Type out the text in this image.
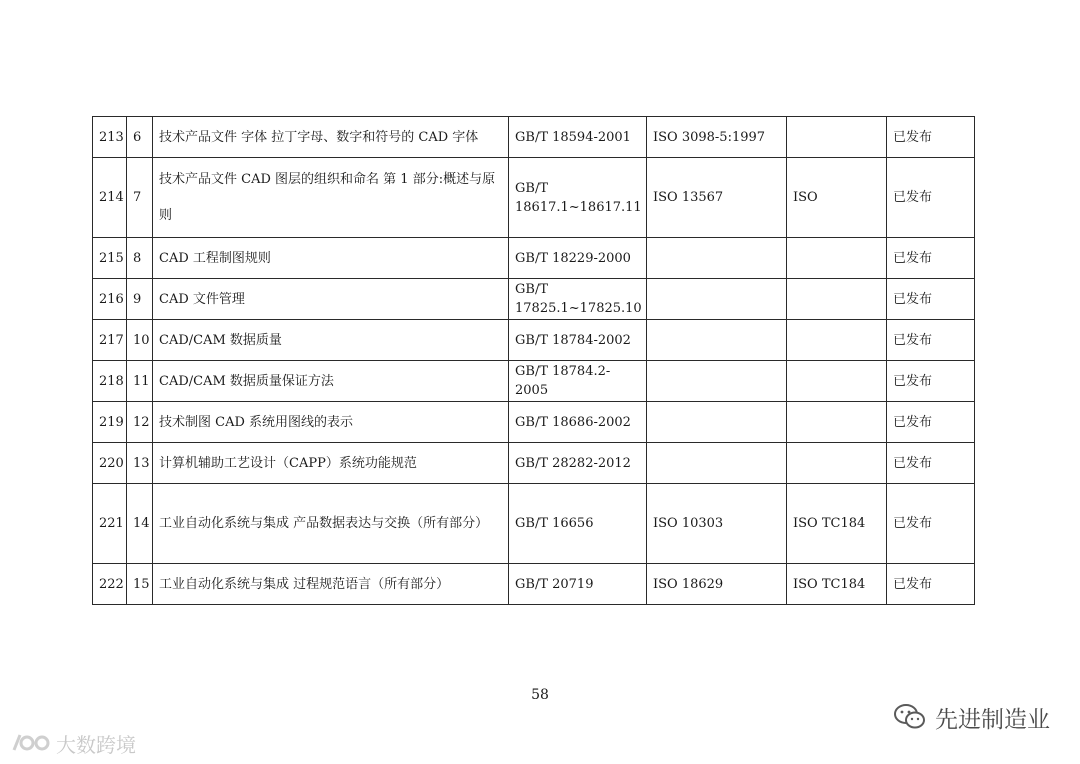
213	6	技术产品文件 字体 拉丁字母、数字和符号的 CAD 字体	GB/T 18594-2001	ISO 3098-5:1997		已发布

214	7	技术产品文件 CAD 图层的组织和命名 第 1 部分:概述与原则	GB/T 18617.1~18617.11	ISO 13567	ISO	已发布

215	8	CAD 工程制图规则	GB/T 18229-2000			已发布

216	9	CAD 文件管理	GB/T 17825.1~17825.10			已发布

217	10	CAD/CAM 数据质量	GB/T 18784-2002			已发布

218	11	CAD/CAM 数据质量保证方法	GB/T 18784.2-2005			已发布

219	12	技术制图 CAD 系统用图线的表示	GB/T 18686-2002			已发布

220	13	计算机辅助工艺设计（CAPP）系统功能规范	GB/T 28282-2012			已发布

221	14	工业自动化系统与集成 产品数据表达与交换（所有部分）	GB/T 16656	ISO 10303	ISO TC184	已发布

222	15	工业自动化系统与集成 过程规范语言（所有部分）	GB/T 20719	ISO 18629	ISO TC184	已发布
58
先进制造业
大数跨境
